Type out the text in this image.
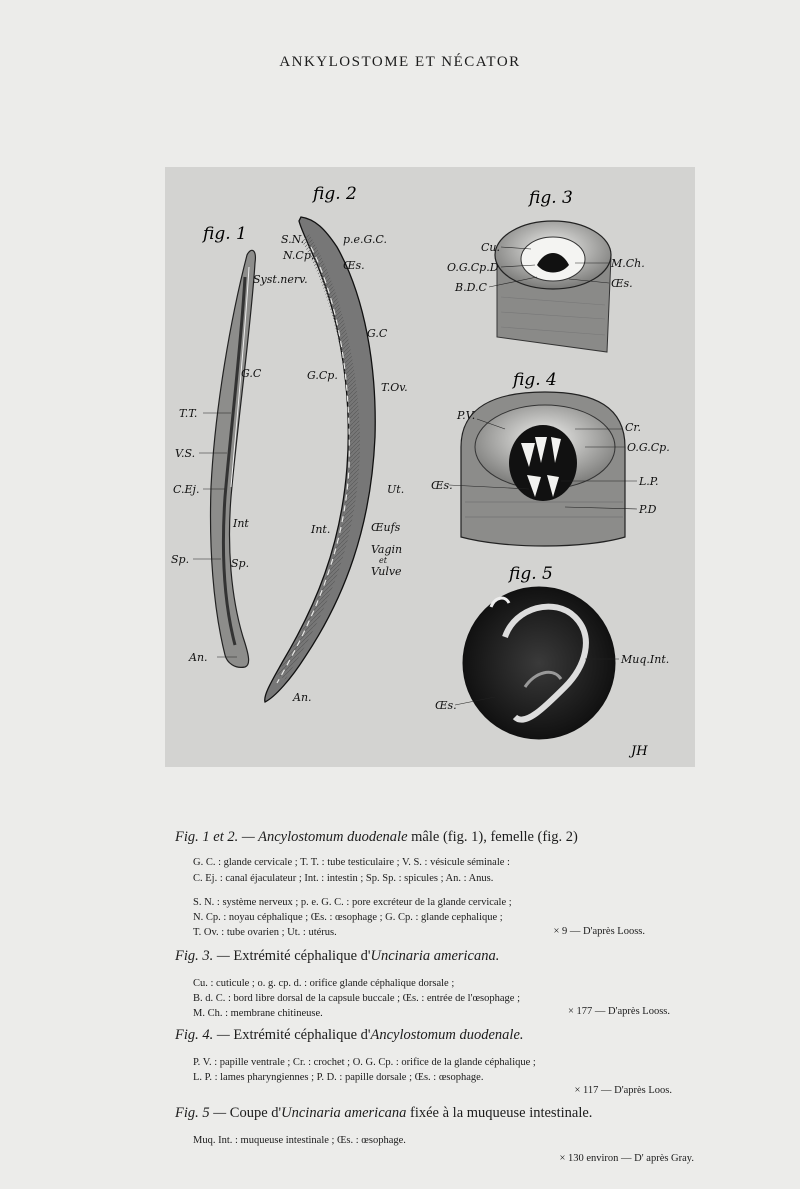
ANKYLOSTOME ET NÉCATOR
fig. 1
fig. 2	fig. 3
fig. 4
fig. 5
Syst.nerv.
G.C
T.T.
V.S.
C.Ej.
Int
Sp.	Sp.
An.
S.N.
N.Cp.
p.e.G.C.
Œs.
G.C
G.Cp.
T.Ov.
Ut.
Int.	Œufs
Vagin
et
Vulve
An.
Cu.
O.G.Cp.D
B.D.C
M.Ch.
Œs.
P.V.
Cr.
O.G.Cp.
Œs.	L.P.
P.D
Muq.Int.
Œs.
JH
Fig. 1 et 2. — Ancylostomum duodenale mâle (fig. 1), femelle (fig. 2)
G. C. : glande cervicale ; T. T. : tube testiculaire ; V. S. : vésicule séminale :
C. Ej. : canal éjaculateur ; Int. : intestin ; Sp. Sp. : spicules ; An. : Anus.
S. N. : système nerveux ; p. e. G. C. : pore excréteur de la glande cervicale ;
N. Cp. : noyau céphalique ; Œs. : œsophage ; G. Cp. : glande cephalique ;
T. Ov. : tube ovarien ; Ut. : utérus.	× 9 — D'après Looss.
Fig. 3. — Extrémité céphalique d'Uncinaria americana.
Cu. : cuticule ; o. g. cp. d. : orifice glande céphalique dorsale ;
B. d. C. : bord libre dorsal de la capsule buccale ; Œs. : entrée de l'œsophage ;
M. Ch. : membrane chitineuse.	× 177 — D'après Looss.
Fig. 4. — Extrémité céphalique d'Ancylostomum duodenale.
P. V. : papille ventrale ; Cr. : crochet ; O. G. Cp. : orifice de la glande céphalique ;
L. P. : lames pharyngiennes ; P. D. : papille dorsale ; Œs. : œsophage.
× 117 — D'après Loos.
Fig. 5 — Coupe d'Uncinaria americana fixée à la muqueuse intestinale.
Muq. Int. : muqueuse intestinale ; Œs. : œsophage.
× 130 environ — D' après Gray.
